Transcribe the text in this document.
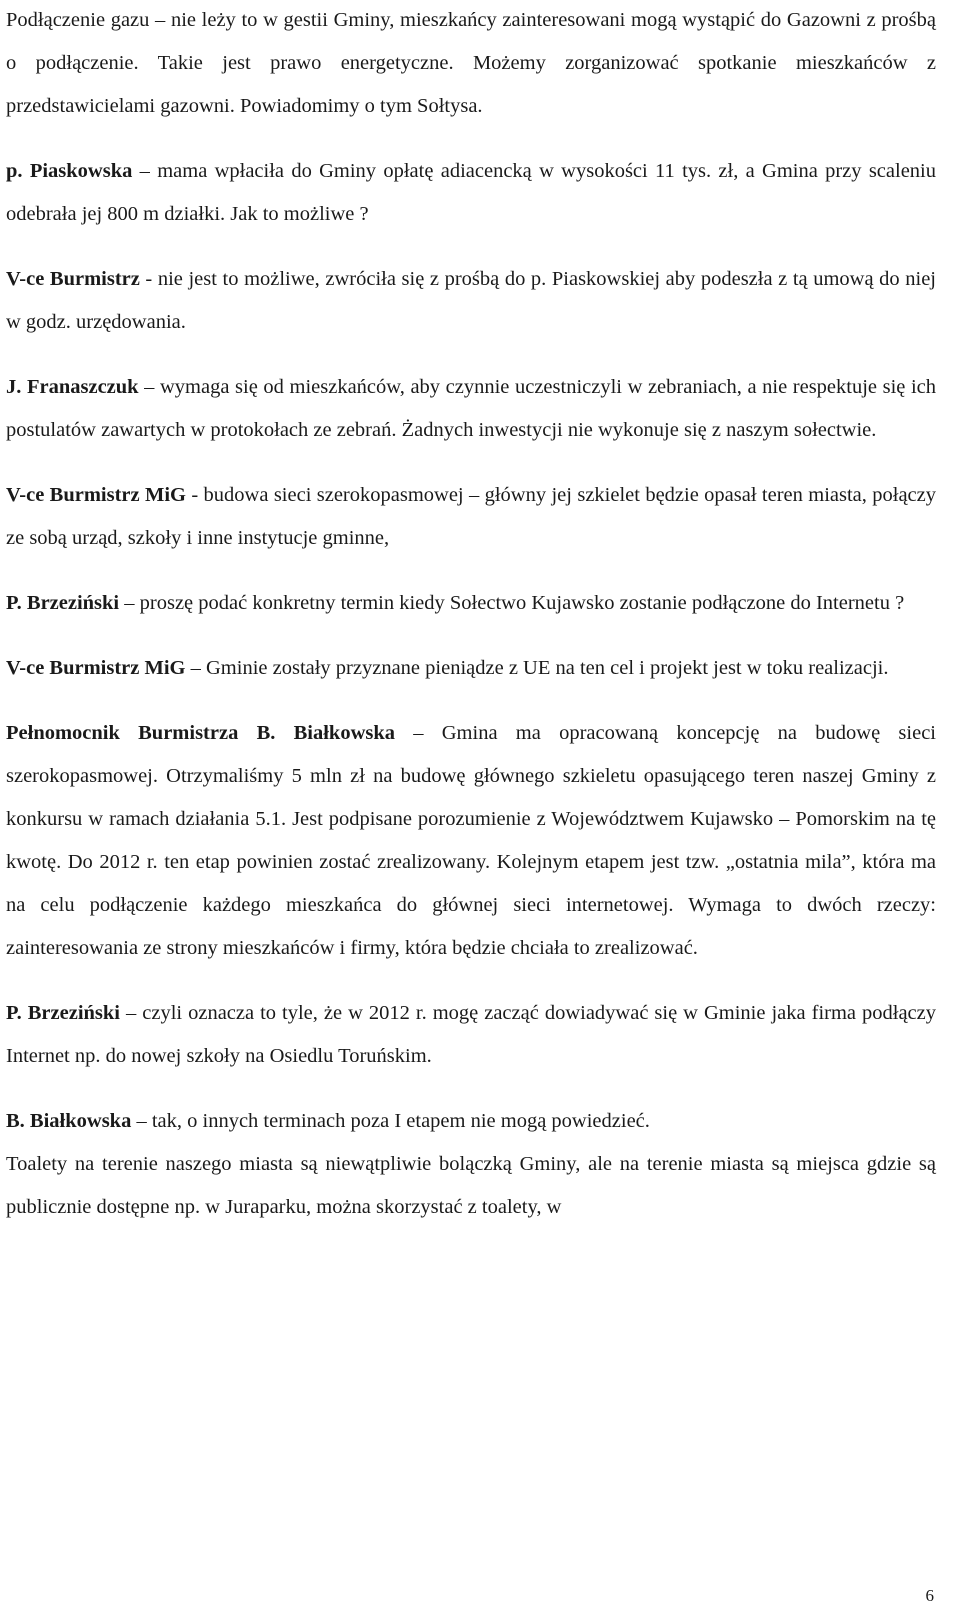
Podłączenie gazu – nie leży to w gestii Gminy, mieszkańcy zainteresowani mogą wystąpić do Gazowni z prośbą o podłączenie. Takie jest prawo energetyczne. Możemy zorganizować spotkanie mieszkańców z przedstawicielami gazowni. Powiadomimy o tym Sołtysa.

p. Piaskowska – mama wpłaciła do Gminy opłatę adiacencką w wysokości 11 tys. zł, a Gmina przy scaleniu odebrała jej 800 m działki. Jak to możliwe ?

V-ce Burmistrz - nie jest to możliwe, zwróciła się z prośbą do p. Piaskowskiej aby podeszła z tą umową do niej w godz. urzędowania.

J. Franaszczuk – wymaga się od mieszkańców, aby czynnie uczestniczyli w zebraniach, a nie respektuje się ich postulatów zawartych w protokołach ze zebrań. Żadnych inwestycji nie wykonuje się z naszym sołectwie.

V-ce Burmistrz MiG - budowa sieci szerokopasmowej – główny jej szkielet będzie opasał teren miasta, połączy ze sobą urząd, szkoły i inne instytucje gminne,

P. Brzeziński – proszę podać konkretny termin kiedy Sołectwo Kujawsko zostanie podłączone do Internetu ?

V-ce Burmistrz MiG – Gminie zostały przyznane pieniądze z UE na ten cel i projekt jest w toku realizacji.

Pełnomocnik Burmistrza B. Białkowska – Gmina ma opracowaną koncepcję na budowę sieci szerokopasmowej. Otrzymaliśmy 5 mln zł na budowę głównego szkieletu opasującego teren naszej Gminy z konkursu w ramach działania 5.1. Jest podpisane porozumienie z Województwem Kujawsko – Pomorskim na tę kwotę. Do 2012 r. ten etap powinien zostać zrealizowany. Kolejnym etapem jest tzw. „ostatnia mila”, która ma na celu podłączenie każdego mieszkańca do głównej sieci internetowej. Wymaga to dwóch rzeczy: zainteresowania ze strony mieszkańców i firmy, która będzie chciała to zrealizować.

P. Brzeziński – czyli oznacza to tyle, że w 2012 r. mogę zacząć dowiadywać się w Gminie jaka firma podłączy Internet np. do nowej szkoły na Osiedlu Toruńskim.

B. Białkowska – tak, o innych terminach poza I etapem nie mogą powiedzieć.

Toalety na terenie naszego miasta są niewątpliwie bolączką Gminy, ale na terenie miasta są miejsca gdzie są publicznie dostępne np. w Juraparku, można skorzystać z toalety, w

6
